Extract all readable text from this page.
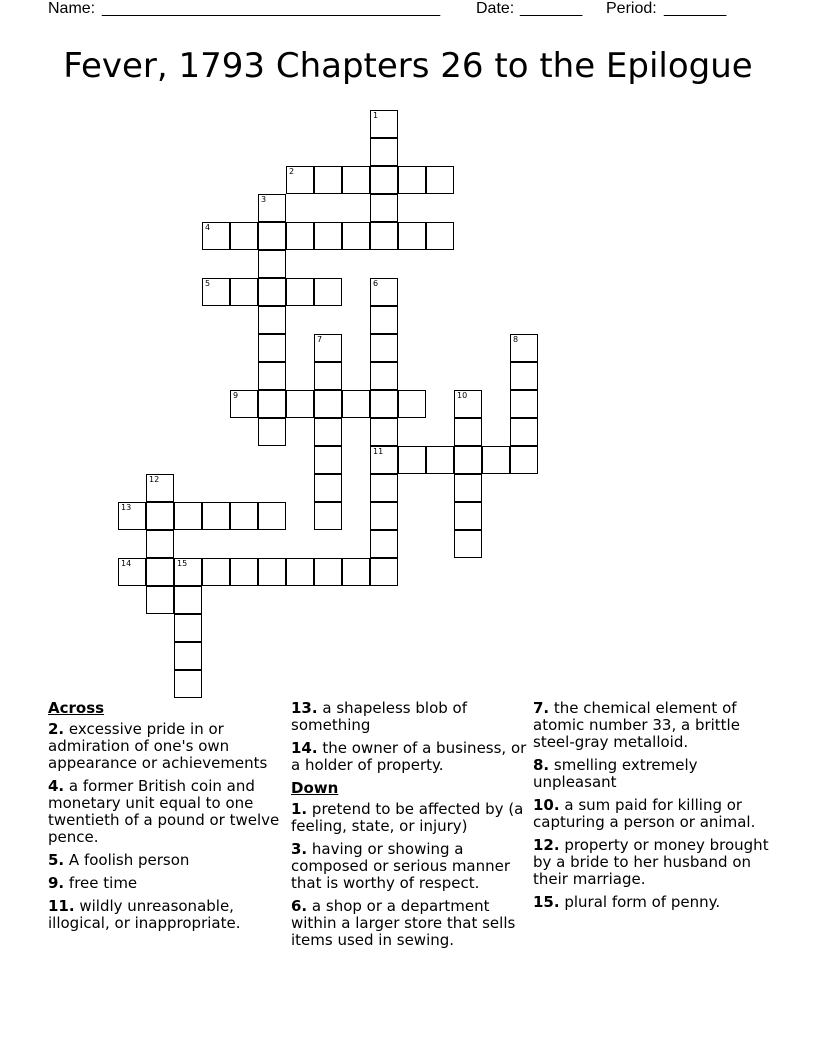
Name: ______________________________________ Date: _______ Period: _______
Fever, 1793 Chapters 26 to the Epilogue
1
2
3
4
5	6
7	8
9	10
11
12
13
14	15
Across
2. excessive pride in or admiration of one's own appearance or achievements
4. a former British coin and monetary unit equal to one twentieth of a pound or twelve pence.
5. A foolish person
9. free time
11. wildly unreasonable, illogical, or inappropriate.
13. a shapeless blob of something
14. the owner of a business, or a holder of property.
Down
1. pretend to be affected by (a feeling, state, or injury)
3. having or showing a composed or serious manner that is worthy of respect.
6. a shop or a department within a larger store that sells items used in sewing.
7. the chemical element of atomic number 33, a brittle steel-gray metalloid.
8. smelling extremely unpleasant
10. a sum paid for killing or capturing a person or animal.
12. property or money brought by a bride to her husband on their marriage.
15. plural form of penny.
